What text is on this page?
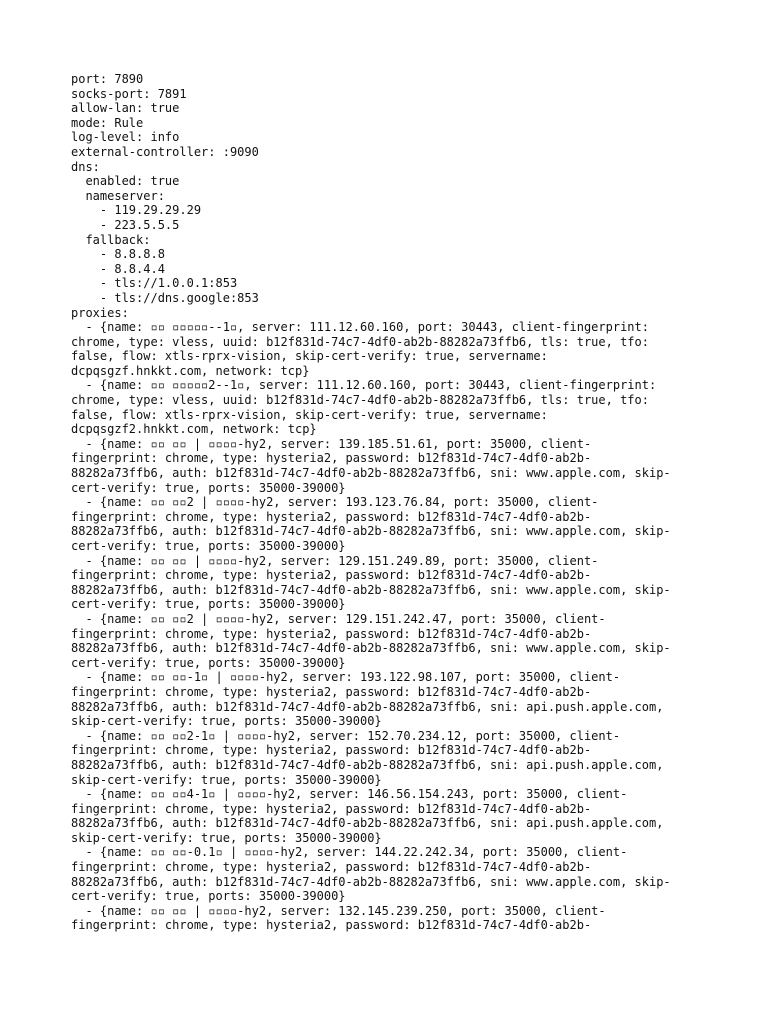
port: 7890
socks-port: 7891
allow-lan: true
mode: Rule
log-level: info
external-controller: :9090
dns:
enabled: true
nameserver:
- 119.29.29.29
- 223.5.5.5
fallback:
- 8.8.8.8
- 8.8.4.4
- tls://1.0.0.1:853
- tls://dns.google:853
proxies:
- {name: ▫▫ ▫▫▫▫▫--1▫, server: 111.12.60.160, port: 30443, client-fingerprint:
chrome, type: vless, uuid: b12f831d-74c7-4df0-ab2b-88282a73ffb6, tls: true, tfo:
false, flow: xtls-rprx-vision, skip-cert-verify: true, servername:
dcpqsgzf.hnkkt.com, network: tcp}
- {name: ▫▫ ▫▫▫▫▫2--1▫, server: 111.12.60.160, port: 30443, client-fingerprint:
chrome, type: vless, uuid: b12f831d-74c7-4df0-ab2b-88282a73ffb6, tls: true, tfo:
false, flow: xtls-rprx-vision, skip-cert-verify: true, servername:
dcpqsgzf2.hnkkt.com, network: tcp}
- {name: ▫▫ ▫▫ | ▫▫▫▫-hy2, server: 139.185.51.61, port: 35000, client-
fingerprint: chrome, type: hysteria2, password: b12f831d-74c7-4df0-ab2b-
88282a73ffb6, auth: b12f831d-74c7-4df0-ab2b-88282a73ffb6, sni: www.apple.com, skip-
cert-verify: true, ports: 35000-39000}
- {name: ▫▫ ▫▫2 | ▫▫▫▫-hy2, server: 193.123.76.84, port: 35000, client-
fingerprint: chrome, type: hysteria2, password: b12f831d-74c7-4df0-ab2b-
88282a73ffb6, auth: b12f831d-74c7-4df0-ab2b-88282a73ffb6, sni: www.apple.com, skip-
cert-verify: true, ports: 35000-39000}
- {name: ▫▫ ▫▫ | ▫▫▫▫-hy2, server: 129.151.249.89, port: 35000, client-
fingerprint: chrome, type: hysteria2, password: b12f831d-74c7-4df0-ab2b-
88282a73ffb6, auth: b12f831d-74c7-4df0-ab2b-88282a73ffb6, sni: www.apple.com, skip-
cert-verify: true, ports: 35000-39000}
- {name: ▫▫ ▫▫2 | ▫▫▫▫-hy2, server: 129.151.242.47, port: 35000, client-
fingerprint: chrome, type: hysteria2, password: b12f831d-74c7-4df0-ab2b-
88282a73ffb6, auth: b12f831d-74c7-4df0-ab2b-88282a73ffb6, sni: www.apple.com, skip-
cert-verify: true, ports: 35000-39000}
- {name: ▫▫ ▫▫-1▫ | ▫▫▫▫-hy2, server: 193.122.98.107, port: 35000, client-
fingerprint: chrome, type: hysteria2, password: b12f831d-74c7-4df0-ab2b-
88282a73ffb6, auth: b12f831d-74c7-4df0-ab2b-88282a73ffb6, sni: api.push.apple.com,
skip-cert-verify: true, ports: 35000-39000}
- {name: ▫▫ ▫▫2-1▫ | ▫▫▫▫-hy2, server: 152.70.234.12, port: 35000, client-
fingerprint: chrome, type: hysteria2, password: b12f831d-74c7-4df0-ab2b-
88282a73ffb6, auth: b12f831d-74c7-4df0-ab2b-88282a73ffb6, sni: api.push.apple.com,
skip-cert-verify: true, ports: 35000-39000}
- {name: ▫▫ ▫▫4-1▫ | ▫▫▫▫-hy2, server: 146.56.154.243, port: 35000, client-
fingerprint: chrome, type: hysteria2, password: b12f831d-74c7-4df0-ab2b-
88282a73ffb6, auth: b12f831d-74c7-4df0-ab2b-88282a73ffb6, sni: api.push.apple.com,
skip-cert-verify: true, ports: 35000-39000}
- {name: ▫▫ ▫▫-0.1▫ | ▫▫▫▫-hy2, server: 144.22.242.34, port: 35000, client-
fingerprint: chrome, type: hysteria2, password: b12f831d-74c7-4df0-ab2b-
88282a73ffb6, auth: b12f831d-74c7-4df0-ab2b-88282a73ffb6, sni: www.apple.com, skip-
cert-verify: true, ports: 35000-39000}
- {name: ▫▫ ▫▫ | ▫▫▫▫-hy2, server: 132.145.239.250, port: 35000, client-
fingerprint: chrome, type: hysteria2, password: b12f831d-74c7-4df0-ab2b-
